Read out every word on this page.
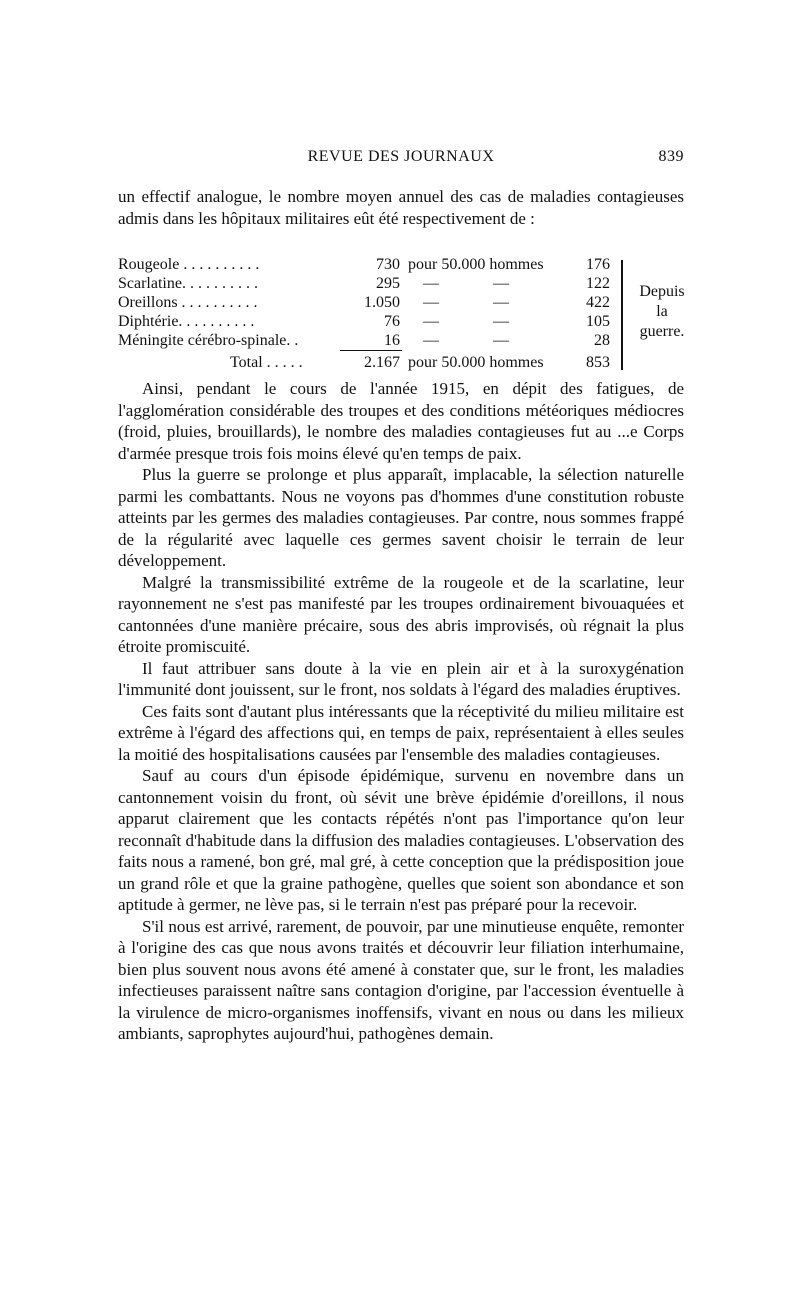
REVUE DES JOURNAUX	839
un effectif analogue, le nombre moyen annuel des cas de maladies contagieuses admis dans les hôpitaux militaires eût été respectivement de :
Rougeole . . . . . . . . . .	730 pour 50.000 hommes	176
Scarlatine. . . . . . . . . .	295 —	—	122
Oreillons . . . . . . . . . .	1.050 —	—	422
Diphtérie. . . . . . . . . .	76 —	—	105
Méningite cérébro-spinale. .	16 —	—	28
Total . . . . .	2.167 pour 50.000 hommes	853
Depuis
la
guerre.

Ainsi, pendant le cours de l'année 1915, en dépit des fatigues, de l'agglomération considérable des troupes et des conditions météoriques médiocres (froid, pluies, brouillards), le nombre des maladies contagieuses fut au ...e Corps d'armée presque trois fois moins élevé qu'en temps de paix.

Plus la guerre se prolonge et plus apparaît, implacable, la sélection naturelle parmi les combattants. Nous ne voyons pas d'hommes d'une constitution robuste atteints par les germes des maladies contagieuses. Par contre, nous sommes frappé de la régularité avec laquelle ces germes savent choisir le terrain de leur développement.

Malgré la transmissibilité extrême de la rougeole et de la scarlatine, leur rayonnement ne s'est pas manifesté par les troupes ordinairement bivouaquées et cantonnées d'une manière précaire, sous des abris improvisés, où régnait la plus étroite promiscuité.

Il faut attribuer sans doute à la vie en plein air et à la suroxygénation l'immunité dont jouissent, sur le front, nos soldats à l'égard des maladies éruptives.

Ces faits sont d'autant plus intéressants que la réceptivité du milieu militaire est extrême à l'égard des affections qui, en temps de paix, représentaient à elles seules la moitié des hospitalisations causées par l'ensemble des maladies contagieuses.

Sauf au cours d'un épisode épidémique, survenu en novembre dans un cantonnement voisin du front, où sévit une brève épidémie d'oreillons, il nous apparut clairement que les contacts répétés n'ont pas l'importance qu'on leur reconnaît d'habitude dans la diffusion des maladies contagieuses. L'observation des faits nous a ramené, bon gré, mal gré, à cette conception que la prédisposition joue un grand rôle et que la graine pathogène, quelles que soient son abondance et son aptitude à germer, ne lève pas, si le terrain n'est pas préparé pour la recevoir.

S'il nous est arrivé, rarement, de pouvoir, par une minutieuse enquête, remonter à l'origine des cas que nous avons traités et découvrir leur filiation interhumaine, bien plus souvent nous avons été amené à constater que, sur le front, les maladies infectieuses paraissent naître sans contagion d'origine, par l'accession éventuelle à la virulence de micro-organismes inoffensifs, vivant en nous ou dans les milieux ambiants, saprophytes aujourd'hui, pathogènes demain.
